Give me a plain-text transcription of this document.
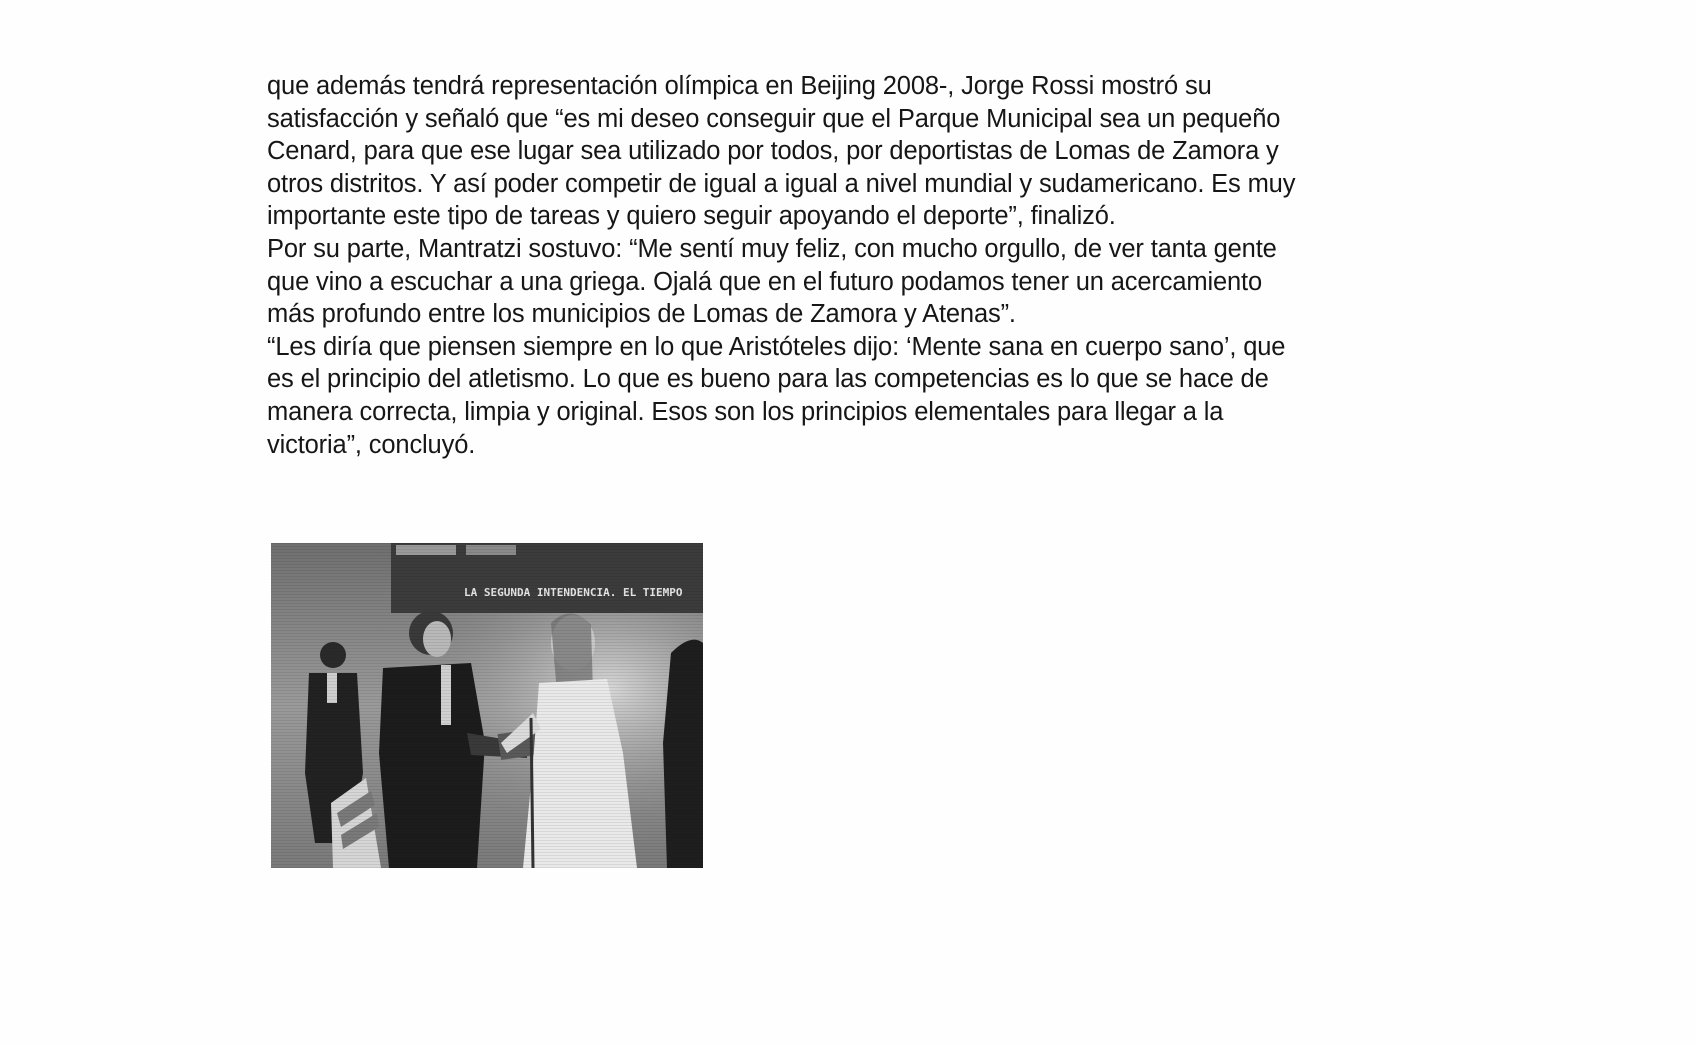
que además tendrá representación olímpica en Beijing 2008-, Jorge Rossi mostró su
satisfacción y señaló que “es mi deseo conseguir que el Parque Municipal sea un pequeño
Cenard, para que ese lugar sea utilizado por todos, por deportistas de Lomas de Zamora y
otros distritos. Y así poder competir de igual a igual a nivel mundial y sudamericano. Es muy
importante este tipo de tareas y quiero seguir apoyando el deporte”, finalizó.
Por su parte, Mantratzi sostuvo: “Me sentí muy feliz, con mucho orgullo, de ver tanta gente
que vino a escuchar a una griega. Ojalá que en el futuro podamos tener un acercamiento
más profundo entre los municipios de Lomas de Zamora y Atenas”.
“Les diría que piensen siempre en lo que Aristóteles dijo: ‘Mente sana en cuerpo sano’, que
es el principio del atletismo. Lo que es bueno para las competencias es lo que se hace de
manera correcta, limpia y original. Esos son los principios elementales para llegar a la
victoria”, concluyó.
